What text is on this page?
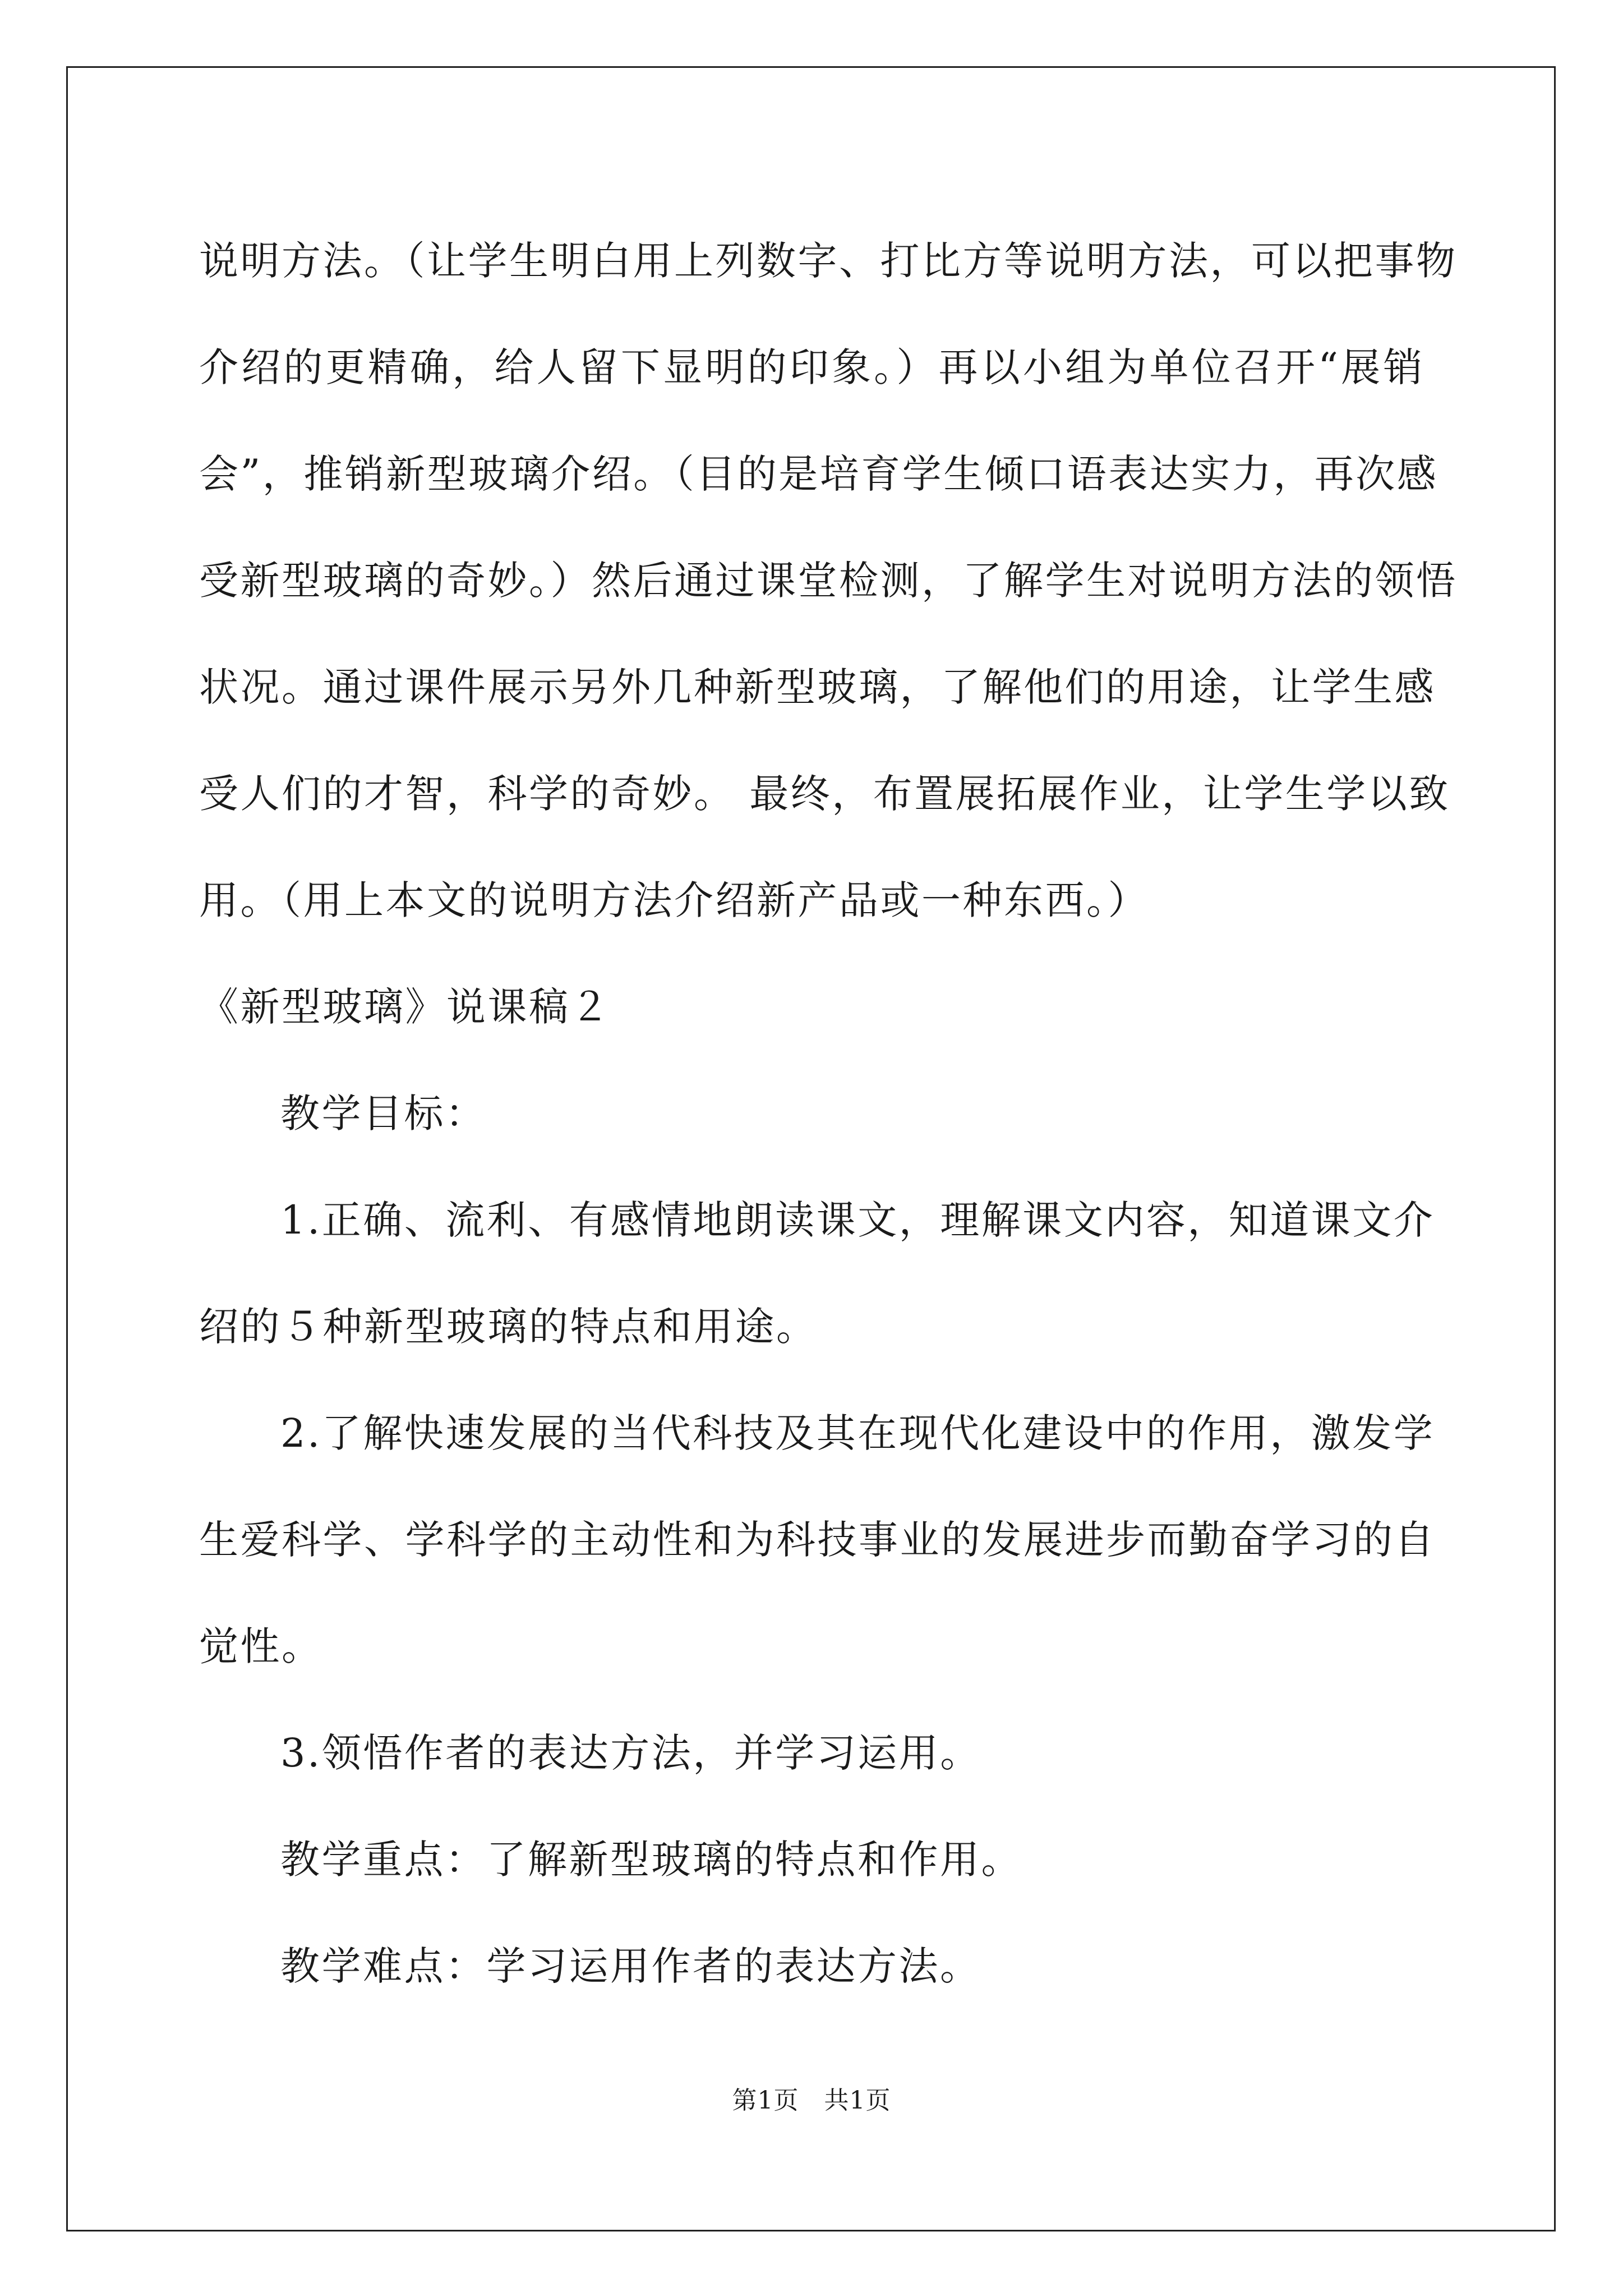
说明方法。（让学生明白用上列数字、打比方等说明方法，可以把事物
介绍的更精确，给人留下显明的印象。）再以小组为单位召开“展销
会”，推销新型玻璃介绍。（目的是培育学生倾口语表达实力，再次感
受新型玻璃的奇妙。）然后通过课堂检测，了解学生对说明方法的领悟
状况。通过课件展示另外几种新型玻璃，了解他们的用途，让学生感
受人们的才智，科学的奇妙。 最终，布置展拓展作业，让学生学以致
用。（用上本文的说明方法介绍新产品或一种东西。）
《新型玻璃》说课稿２
教学目标：
1.正确、流利、有感情地朗读课文，理解课文内容，知道课文介
绍的５种新型玻璃的特点和用途。
2.了解快速发展的当代科技及其在现代化建设中的作用，激发学
生爱科学、学科学的主动性和为科技事业的发展进步而勤奋学习的自
觉性。
3.领悟作者的表达方法，并学习运用。
教学重点：了解新型玻璃的特点和作用。
教学难点：学习运用作者的表达方法。
第1页　共1页
